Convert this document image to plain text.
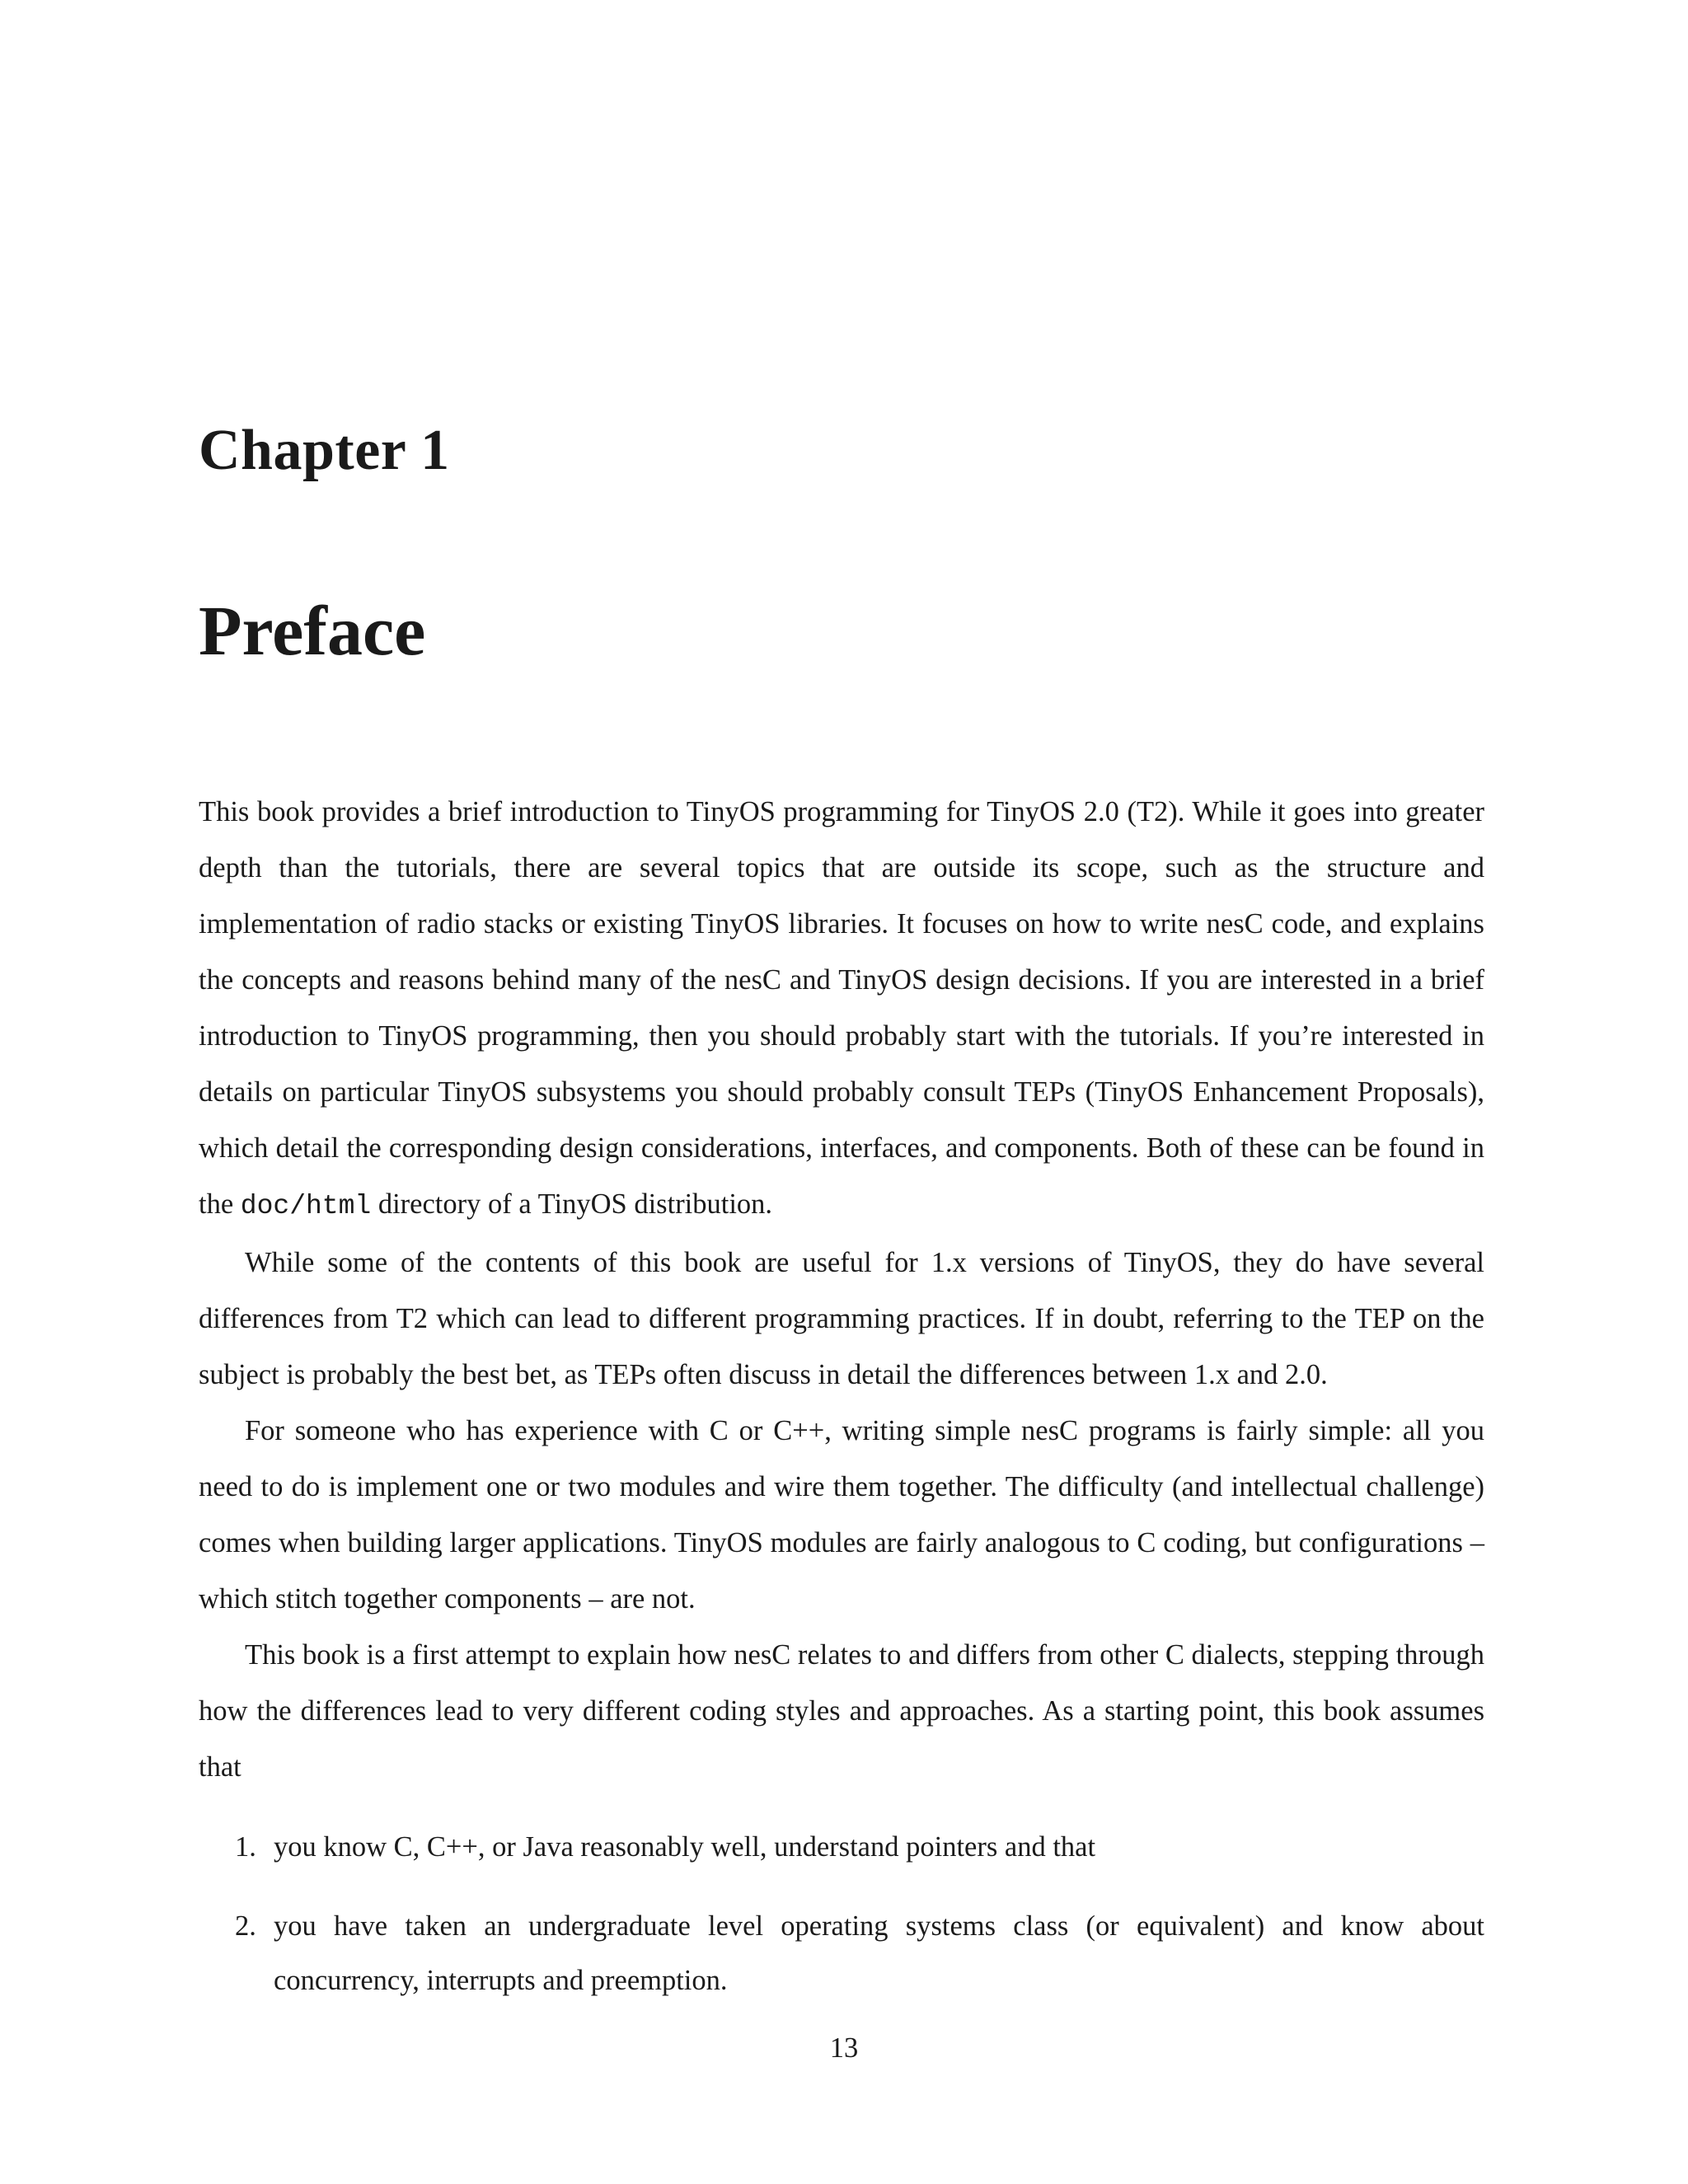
Chapter 1
Preface

This book provides a brief introduction to TinyOS programming for TinyOS 2.0 (T2). While it goes into greater depth than the tutorials, there are several topics that are outside its scope, such as the structure and implementation of radio stacks or existing TinyOS libraries. It focuses on how to write nesC code, and explains the concepts and reasons behind many of the nesC and TinyOS design decisions. If you are interested in a brief introduction to TinyOS programming, then you should probably start with the tutorials. If you’re interested in details on particular TinyOS subsystems you should probably consult TEPs (TinyOS Enhancement Proposals), which detail the corresponding design considerations, interfaces, and components. Both of these can be found in the doc/html directory of a TinyOS distribution.

While some of the contents of this book are useful for 1.x versions of TinyOS, they do have several differences from T2 which can lead to different programming practices. If in doubt, referring to the TEP on the subject is probably the best bet, as TEPs often discuss in detail the differences between 1.x and 2.0.

For someone who has experience with C or C++, writing simple nesC programs is fairly simple: all you need to do is implement one or two modules and wire them together. The difficulty (and intellectual challenge) comes when building larger applications. TinyOS modules are fairly analogous to C coding, but configurations – which stitch together components – are not.

This book is a first attempt to explain how nesC relates to and differs from other C dialects, stepping through how the differences lead to very different coding styles and approaches. As a starting point, this book assumes that

1. you know C, C++, or Java reasonably well, understand pointers and that
2. you have taken an undergraduate level operating systems class (or equivalent) and know about concurrency, interrupts and preemption.

13
